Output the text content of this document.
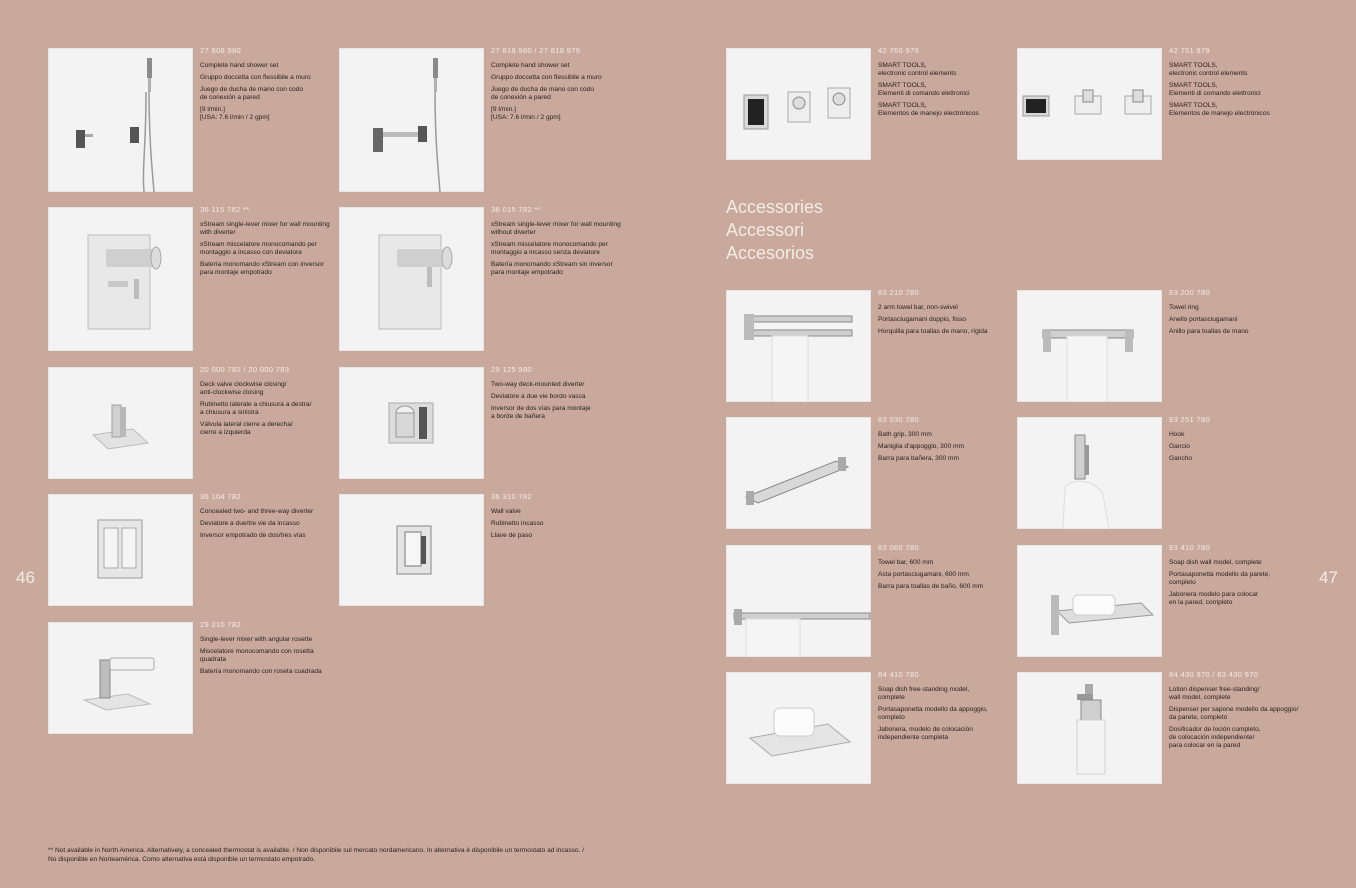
46
27 808 980

Complete hand shower set

Gruppo doccetta con flessibile a muro

Juego de ducha de mano con codo
de conexión a pared

[9 l/min.]
[USA: 7.6 l/min / 2 gpm]

27 818 980 / 27 818 979

Complete hand shower set

Gruppo doccetta con flessibile a muro

Juego de ducha de mano con codo
de conexión a pared

[9 l/min.]
[USA: 7.6 l/min / 2 gpm]

36 115 782 **

xStream single-lever mixer for wall mounting
with diverter

xStream miscelatore monocomando per
montaggio a incasso con deviatore

Batería monomando xStream con inversor
para montaje empotrado

36 015 782 **

xStream single-lever mixer for wall mounting
without diverter

xStream miscelatore monocomando per
montaggio a incasso senza deviatore

Batería monomando xStream sin inversor
para montaje empotrado

20 000 782 / 20 000 783

Deck valve clockwise closing/
anti-clockwise closing

Rubinetto laterale a chiusura a destra/
a chiusura a sinistra

Válvula lateral cierre a derecha/
cierre a izquierda

29 125 980

Two-way deck-mounted diverter

Deviatore a due vie bordo vasca

Inversor de dos vías para montaje
a borde de bañera

36 104 782

Concealed two- and three-way diverter

Deviatore a due/tre vie da incasso

Inversor empotrado de dos/tres vías

36 310 782

Wall valve

Rubinetto incasso

Llave de paso

29 210 782

Single-lever mixer with angular rosette

Miscelatore monocomando con rosetta
quadrata

Batería monomando con roseta cuadrada

** Not available in North America. Alternatively, a concealed thermostat is available. / Non disponibile sul mercato nordamericano. In alternativa è disponibile un termostato ad incasso. /
No disponible en Norteamérica. Como alternativa está disponible un termostato empotrado.
47
Accessories
Accessori
Accesorios
42 760 979

SMART TOOLS,
electronic control elements

SMART TOOLS,
Elementi di comando elettronici

SMART TOOLS,
Elementos de manejo electrónicos

42 751 979

SMART TOOLS,
electronic control elements

SMART TOOLS,
Elementi di comando elettronici

SMART TOOLS,
Elementos de manejo electrónicos

83 210 780

2 arm towel bar, non-swivel

Portasciugamani doppio, fisso

Horquilla para toallas de mano, rígida

83 200 780

Towel ring

Anello portasciugamani

Anillo para toallas de mano

83 030 780

Bath grip, 300 mm

Maniglia d'appoggio, 300 mm

Barra para bañera, 300 mm

83 251 780

Hook

Gancio

Gancho

83 060 780

Towel bar, 600 mm

Asta portasciugamani, 600 mm

Barra para toallas de baño, 600 mm

83 410 780

Soap dish wall model, complete

Portasaponetta modello da parete,
completo

Jabonera modelo para colocar
en la pared, completo

84 410 780

Soap dish free-standing model,
complete

Portasaponetta modello da appoggio,
completo

Jabonera, modelo de colocación
independiente completa

84 430 970 / 83 430 970

Lotion dispenser free-standing/
wall model, complete

Dispenser per sapone modello da appoggio/
da parete, completo

Dosificador de loción completo,
de colocación independiente/
para colocar en la pared
